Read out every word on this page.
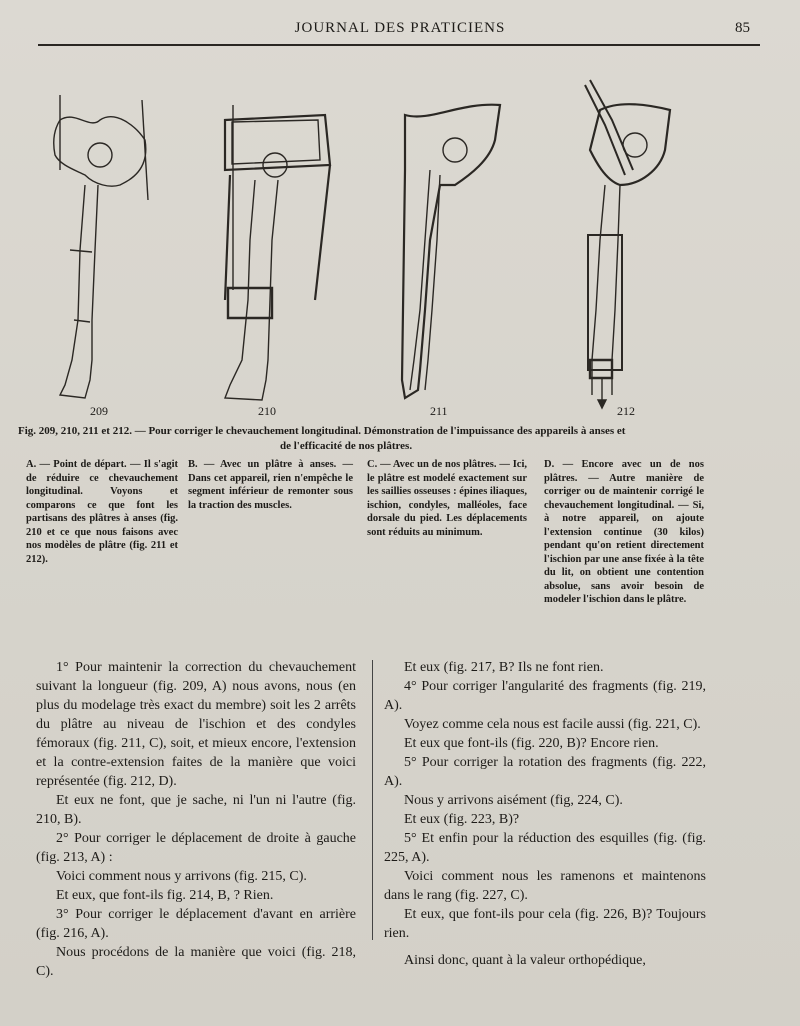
JOURNAL DES PRATICIENS	85
209	210	211	212
Fig. 209, 210, 211 et 212. — Pour corriger le chevauchement longitudinal. Démonstration de l'impuissance des appareils à anses et
de l'efficacité de nos plâtres.
A. — Point de départ. — Il s'agit de réduire ce chevauchement longitudinal. Voyons et comparons ce que font les partisans des plâtres à anses (fig. 210 et ce que nous faisons avec nos modèles de plâtre (fig. 211 et 212).
B. — Avec un plâtre à anses. — Dans cet appareil, rien n'empêche le segment inférieur de remonter sous la traction des muscles.
C. — Avec un de nos plâtres. — Ici, le plâtre est modelé exactement sur les saillies osseuses : épines iliaques, ischion, condyles, malléoles, face dorsale du pied. Les déplacements sont réduits au minimum.
D. — Encore avec un de nos plâtres. — Autre manière de corriger ou de maintenir corrigé le chevauchement longitudinal. — Si, à notre appareil, on ajoute l'extension continue (30 kilos) pendant qu'on retient directement l'ischion par une anse fixée à la tête du lit, on obtient une contention absolue, sans avoir besoin de modeler l'ischion dans le plâtre.

1° Pour maintenir la correction du chevauchement suivant la longueur (fig. 209, A) nous avons, nous (en plus du modelage très exact du membre) soit les 2 arrêts du plâtre au niveau de l'ischion et des condyles fémoraux (fig. 211, C), soit, et mieux encore, l'extension et la contre-extension faites de la manière que voici représentée (fig. 212, D).

Et eux ne font, que je sache, ni l'un ni l'autre (fig. 210, B).

2° Pour corriger le déplacement de droite à gauche (fig. 213, A) :

Voici comment nous y arrivons (fig. 215, C).

Et eux, que font-ils fig. 214, B, ? Rien.

3° Pour corriger le déplacement d'avant en arrière (fig. 216, A).

Nous procédons de la manière que voici (fig. 218, C).

Et eux (fig. 217, B? Ils ne font rien.

4° Pour corriger l'angularité des fragments (fig. 219, A).

Voyez comme cela nous est facile aussi (fig. 221, C).

Et eux que font-ils (fig. 220, B)? Encore rien.

5° Pour corriger la rotation des fragments (fig. 222, A).

Nous y arrivons aisément (fig, 224, C).

Et eux (fig. 223, B)?

5° Et enfin pour la réduction des esquilles (fig. (fig. 225, A).

Voici comment nous les ramenons et maintenons dans le rang (fig. 227, C).

Et eux, que font-ils pour cela (fig. 226, B)? Toujours rien.

Ainsi donc, quant à la valeur orthopédique,
